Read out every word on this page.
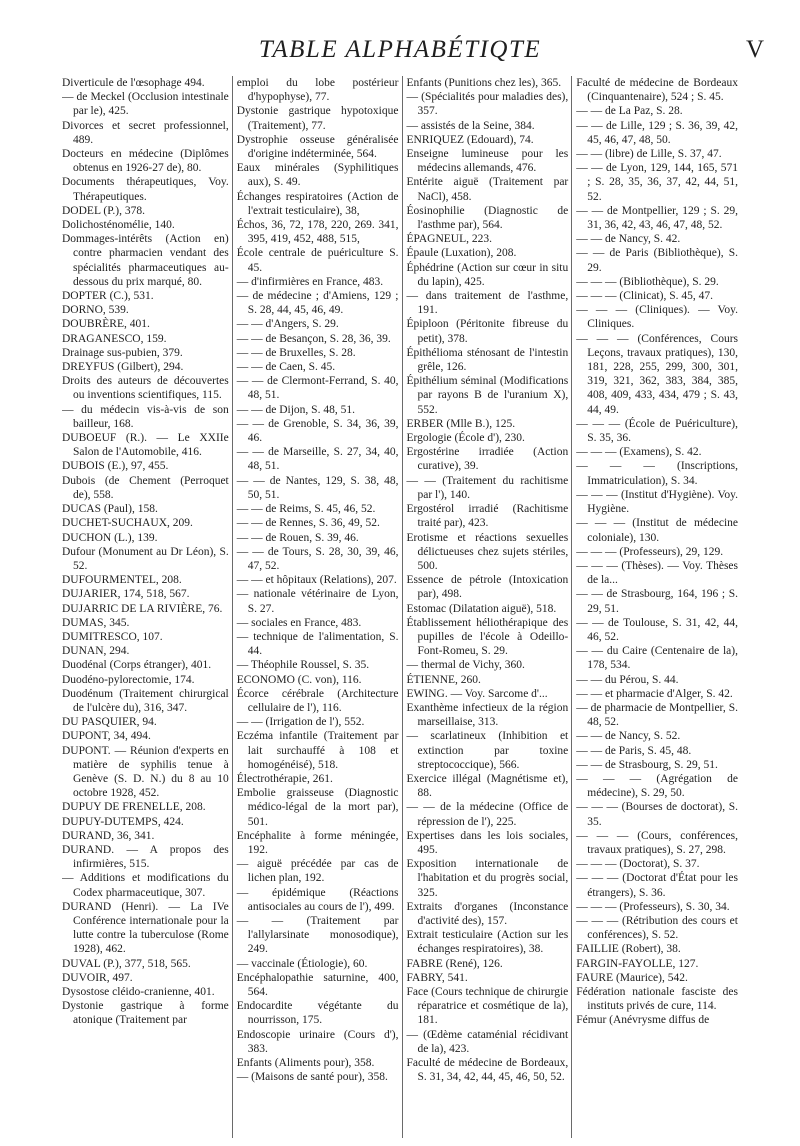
TABLE ALPHABÉTIQTE	V

Diverticule de l'œsophage 494.

— de Meckel (Occlusion intestinale par le), 425.

Divorces et secret professionnel, 489.

Docteurs en médecine (Diplômes obtenus en 1926-27 de), 80.

Documents thérapeutiques, Voy. Thérapeutiques.

DODEL (P.), 378.

Dolichosténomélie, 140.

Dommages-intérêts (Action en) contre pharmacien vendant des spécialités pharmaceutiques au-dessous du prix marqué, 80.

DOPTER (C.), 531.

DORNO, 539.

DOUBRÈRE, 401.

DRAGANESCO, 159.

Drainage sus-pubien, 379.

DREYFUS (Gilbert), 294.

Droits des auteurs de découvertes ou inventions scientifiques, 115.

— du médecin vis-à-vis de son bailleur, 168.

DUBOEUF (R.). — Le XXIIe Salon de l'Automobile, 416.

DUBOIS (E.), 97, 455.

Dubois (de Chement (Perroquet de), 558.

DUCAS (Paul), 158.

DUCHET-SUCHAUX, 209.

DUCHON (L.), 139.

Dufour (Monument au Dr Léon), S. 52.

DUFOURMENTEL, 208.

DUJARIER, 174, 518, 567.

DUJARRIC DE LA RIVIÈRE, 76.

DUMAS, 345.

DUMITRESCO, 107.

DUNAN, 294.

Duodénal (Corps étranger), 401.

Duodéno-pylorectomie, 174.

Duodénum (Traitement chirurgical de l'ulcère du), 316, 347.

DU PASQUIER, 94.

DUPONT, 34, 494.

DUPONT. — Réunion d'experts en matière de syphilis tenue à Genève (S. D. N.) du 8 au 10 octobre 1928, 452.

DUPUY DE FRENELLE, 208.

DUPUY-DUTEMPS, 424.

DURAND, 36, 341.

DURAND. — A propos des infirmières, 515.

— Additions et modifications du Codex pharmaceutique, 307.

DURAND (Henri). — La IVe Conférence internationale pour la lutte contre la tuberculose (Rome 1928), 462.

DUVAL (P.), 377, 518, 565.

DUVOIR, 497.

Dysostose cléido-cranienne, 401.

Dystonie gastrique à forme atonique (Traitement par

emploi du lobe postérieur d'hypophyse), 77.

Dystonie gastrique hypotoxique (Traitement), 77.

Dystrophie osseuse généralisée d'origine indéterminée, 564.

Eaux minérales (Syphilitiques aux), S. 49.

Échanges respiratoires (Action de l'extrait testiculaire), 38,

Échos, 36, 72, 178, 220, 269. 341, 395, 419, 452, 488, 515,

École centrale de puériculture S. 45.

— d'infirmières en France, 483.

— de médecine ; d'Amiens, 129 ; S. 28, 44, 45, 46, 49.

— — d'Angers, S. 29.

— — de Besançon, S. 28, 36, 39.

— — de Bruxelles, S. 28.

— — de Caen, S. 45.

— — de Clermont-Ferrand, S. 40, 48, 51.

— — de Dijon, S. 48, 51.

— — de Grenoble, S. 34, 36, 39, 46.

— — de Marseille, S. 27, 34, 40, 48, 51.

— — de Nantes, 129, S. 38, 48, 50, 51.

— — de Reims, S. 45, 46, 52.

— — de Rennes, S. 36, 49, 52.

— — de Rouen, S. 39, 46.

— — de Tours, S. 28, 30, 39, 46, 47, 52.

— — et hôpitaux (Relations), 207.

— nationale vétérinaire de Lyon, S. 27.

— sociales en France, 483.

— technique de l'alimentation, S. 44.

— Théophile Roussel, S. 35.

ECONOMO (C. von), 116.

Écorce cérébrale (Architecture cellulaire de l'), 116.

— — (Irrigation de l'), 552.

Eczéma infantile (Traitement par lait surchauffé à 108 et homogénéisé), 518.

Électrothérapie, 261.

Embolie graisseuse (Diagnostic médico-légal de la mort par), 501.

Encéphalite à forme méningée, 192.

— aiguë précédée par cas de lichen plan, 192.

— épidémique (Réactions antisociales au cours de l'), 499.

— — (Traitement par l'allylarsinate monosodique), 249.

— vaccinale (Étiologie), 60.

Encéphalopathie saturnine, 400, 564.

Endocardite végétante du nourrisson, 175.

Endoscopie urinaire (Cours d'), 383.

Enfants (Aliments pour), 358.

— (Maisons de santé pour), 358.

Enfants (Punitions chez les), 365.

— (Spécialités pour maladies des), 357.

— assistés de la Seine, 384.

ENRIQUEZ (Edouard), 74.

Enseigne lumineuse pour les médecins allemands, 476.

Entérite aiguë (Traitement par NaCl), 458.

Éosinophilie (Diagnostic de l'asthme par), 564.

ÉPAGNEUL, 223.

Épaule (Luxation), 208.

Éphédrine (Action sur cœur in situ du lapin), 425.

— dans traitement de l'asthme, 191.

Épiploon (Péritonite fibreuse du petit), 378.

Épithélioma sténosant de l'intestin grêle, 126.

Épithélium séminal (Modifications par rayons B de l'uranium X), 552.

ERBER (Mlle B.), 125.

Ergologie (École d'), 230.

Ergostérine irradiée (Action curative), 39.

— — (Traitement du rachitisme par l'), 140.

Ergostérol irradié (Rachitisme traité par), 423.

Erotisme et réactions sexuelles délictueuses chez sujets stériles, 500.

Essence de pétrole (Intoxication par), 498.

Estomac (Dilatation aiguë), 518.

Établissement héliothérapique des pupilles de l'école à Odeillo-Font-Romeu, S. 29.

— thermal de Vichy, 360.

ÉTIENNE, 260.

EWING. — Voy. Sarcome d'...

Exanthème infectieux de la région marseillaise, 313.

— scarlatineux (Inhibition et extinction par toxine streptococcique), 566.

Exercice illégal (Magnétisme et), 88.

— — de la médecine (Office de répression de l'), 225.

Expertises dans les lois sociales, 495.

Exposition internationale de l'habitation et du progrès social, 325.

Extraits d'organes (Inconstance d'activité des), 157.

Extrait testiculaire (Action sur les échanges respiratoires), 38.

FABRE (René), 126.

FABRY, 541.

Face (Cours technique de chirurgie réparatrice et cosmétique de la), 181.

— (Œdème cataménial récidivant de la), 423.

Faculté de médecine de Bordeaux, S. 31, 34, 42, 44, 45, 46, 50, 52.

Faculté de médecine de Bordeaux (Cinquantenaire), 524 ; S. 45.

— — de La Paz, S. 28.

— — de Lille, 129 ; S. 36, 39, 42, 45, 46, 47, 48, 50.

— — (libre) de Lille, S. 37, 47.

— — de Lyon, 129, 144, 165, 571 ; S. 28, 35, 36, 37, 42, 44, 51, 52.

— — de Montpellier, 129 ; S. 29, 31, 36, 42, 43, 46, 47, 48, 52.

— — de Nancy, S. 42.

— — de Paris (Bibliothèque), S. 29.

— — — (Bibliothèque), S. 29.

— — — (Clinicat), S. 45, 47.

— — — (Cliniques). — Voy. Cliniques.

— — — (Conférences, Cours Leçons, travaux pratiques), 130, 181, 228, 255, 299, 300, 301, 319, 321, 362, 383, 384, 385, 408, 409, 433, 434, 479 ; S. 43, 44, 49.

— — — (École de Puériculture), S. 35, 36.

— — — (Examens), S. 42.

— — — (Inscriptions, Immatriculation), S. 34.

— — — (Institut d'Hygiène). Voy. Hygiène.

— — — (Institut de médecine coloniale), 130.

— — — (Professeurs), 29, 129.

— — — (Thèses). — Voy. Thèses de la...

— — de Strasbourg, 164, 196 ; S. 29, 51.

— — de Toulouse, S. 31, 42, 44, 46, 52.

— — du Caire (Centenaire de la), 178, 534.

— — du Pérou, S. 44.

— — et pharmacie d'Alger, S. 42.

— de pharmacie de Montpellier, S. 48, 52.

— — de Nancy, S. 52.

— — de Paris, S. 45, 48.

— — de Strasbourg, S. 29, 51.

— — — (Agrégation de médecine), S. 29, 50.

— — — (Bourses de doctorat), S. 35.

— — — (Cours, conférences, travaux pratiques), S. 27, 298.

— — — (Doctorat), S. 37.

— — — (Doctorat d'État pour les étrangers), S. 36.

— — — (Professeurs), S. 30, 34.

— — — (Rétribution des cours et conférences), S. 52.

FAILLIE (Robert), 38.

FARGIN-FAYOLLE, 127.

FAURE (Maurice), 542.

Fédération nationale fasciste des instituts privés de cure, 114.

Fémur (Anévrysme diffus de
